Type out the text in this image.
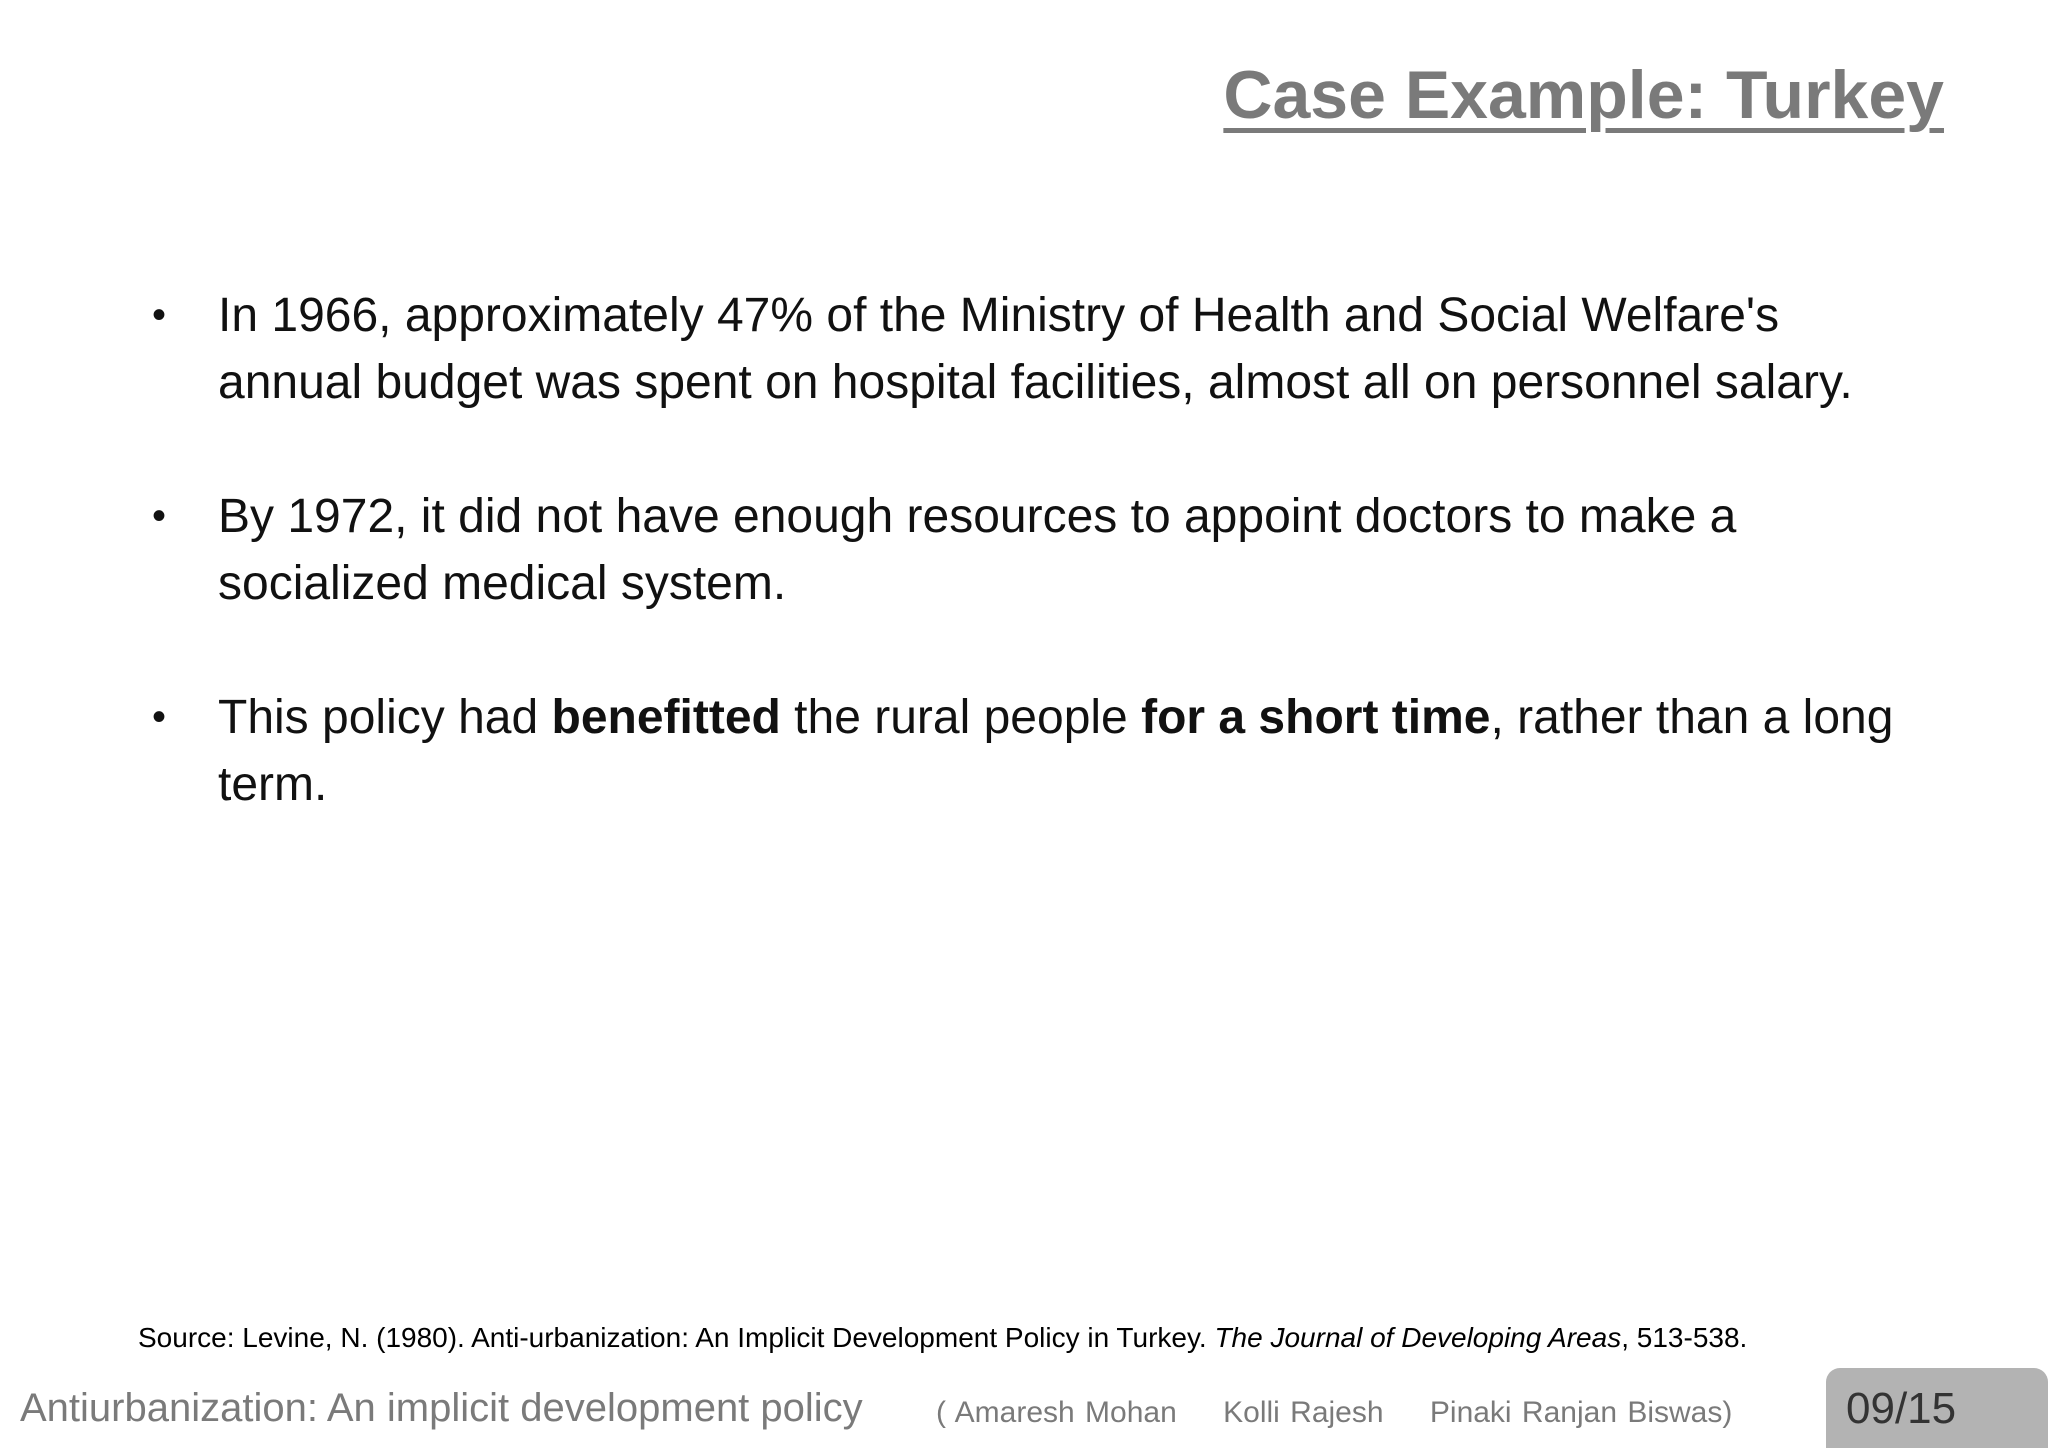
Case Example: Turkey
• In 1966, approximately 47% of the Ministry of Health and Social Welfare's annual budget was spent on hospital facilities, almost all on personnel salary.
• By 1972, it did not have enough resources to appoint doctors to make a socialized medical system.
• This policy had benefitted the rural people for a short time, rather than a long term.
Source: Levine, N. (1980). Anti-urbanization: An Implicit Development Policy in Turkey. The Journal of Developing Areas, 513-538.
Antiurbanization: An implicit development policy ( Amaresh Mohan Kolli Rajesh Pinaki Ranjan Biswas)	09/15
